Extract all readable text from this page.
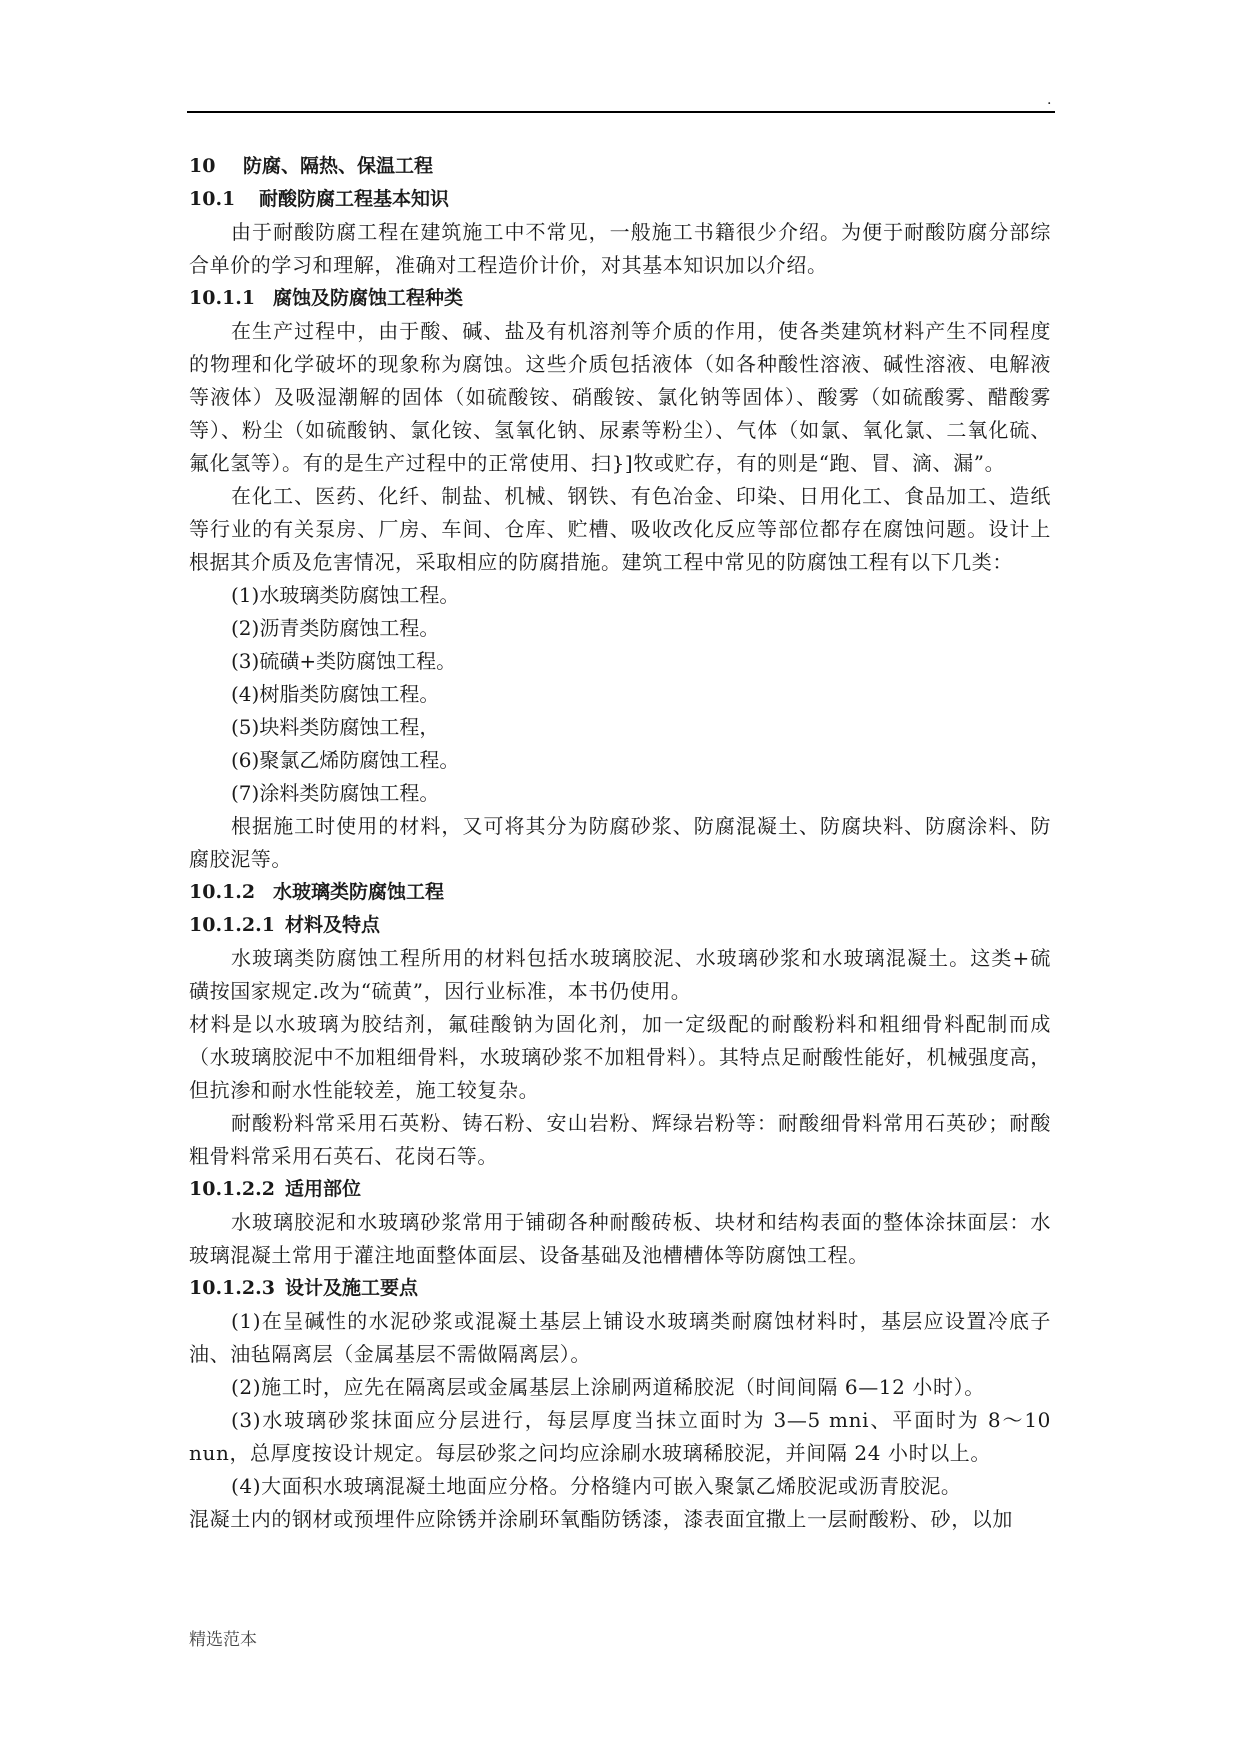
.

10 防腐、隔热、保温工程

10.1 耐酸防腐工程基本知识

由于耐酸防腐工程在建筑施工中不常见，一般施工书籍很少介绍。为便于耐酸防腐分部综合单价的学习和理解，准确对工程造价计价，对其基本知识加以介绍。

10.1.1 腐蚀及防腐蚀工程种类

在生产过程中，由于酸、碱、盐及有机溶剂等介质的作用，使各类建筑材料产生不同程度的物理和化学破坏的现象称为腐蚀。这些介质包括液体（如各种酸性溶液、碱性溶液、电解液等液体）及吸湿潮解的固体（如硫酸铵、硝酸铵、氯化钠等固体）、酸雾（如硫酸雾、醋酸雾等）、粉尘（如硫酸钠、氯化铵、氢氧化钠、尿素等粉尘）、气体（如氯、氧化氯、二氧化硫、氟化氢等）。有的是生产过程中的正常使用、扫}]牧或贮存，有的则是“跑、冒、滴、漏”。

在化工、医药、化纤、制盐、机械、钢铁、有色冶金、印染、日用化工、食品加工、造纸等行业的有关泵房、厂房、车间、仓库、贮槽、吸收改化反应等部位都存在腐蚀问题。设计上根据其介质及危害情况，采取相应的防腐措施。建筑工程中常见的防腐蚀工程有以下几类：

(1)水玻璃类防腐蚀工程。

(2)沥青类防腐蚀工程。

(3)硫磺+类防腐蚀工程。

(4)树脂类防腐蚀工程。

(5)块料类防腐蚀工程，

(6)聚氯乙烯防腐蚀工程。

(7)涂料类防腐蚀工程。

根据施工时使用的材料，又可将其分为防腐砂浆、防腐混凝土、防腐块料、防腐涂料、防腐胶泥等。

10.1.2 水玻璃类防腐蚀工程

10.1.2.1 材料及特点

水玻璃类防腐蚀工程所用的材料包括水玻璃胶泥、水玻璃砂浆和水玻璃混凝土。这类+硫磺按国家规定.改为“硫黄”，因行业标准，本书仍使用。

材料是以水玻璃为胶结剂，氟硅酸钠为固化剂，加一定级配的耐酸粉料和粗细骨料配制而成（水玻璃胶泥中不加粗细骨料，水玻璃砂浆不加粗骨料）。其特点足耐酸性能好，机械强度高，但抗渗和耐水性能较差，施工较复杂。

耐酸粉料常采用石英粉、铸石粉、安山岩粉、辉绿岩粉等：耐酸细骨料常用石英砂；耐酸粗骨料常采用石英石、花岗石等。

10.1.2.2 适用部位

水玻璃胶泥和水玻璃砂浆常用于铺砌各种耐酸砖板、块材和结构表面的整体涂抹面层：水玻璃混凝土常用于灌注地面整体面层、设备基础及池槽槽体等防腐蚀工程。

10.1.2.3 设计及施工要点

(1)在呈碱性的水泥砂浆或混凝土基层上铺设水玻璃类耐腐蚀材料时，基层应设置冷底子油、油毡隔离层（金属基层不需做隔离层）。

(2)施工时，应先在隔离层或金属基层上涂刷两道稀胶泥（时间间隔 6—12 小时）。

(3)水玻璃砂浆抹面应分层进行，每层厚度当抹立面时为 3—5 mni、平面时为 8～10 nun，总厚度按设计规定。每层砂浆之问均应涂刷水玻璃稀胶泥，并间隔 24 小时以上。

(4)大面积水玻璃混凝土地面应分格。分格缝内可嵌入聚氯乙烯胶泥或沥青胶泥。

混凝土内的钢材或预埋件应除锈并涂刷环氧酯防锈漆，漆表面宜撒上一层耐酸粉、砂，以加

精选范本
